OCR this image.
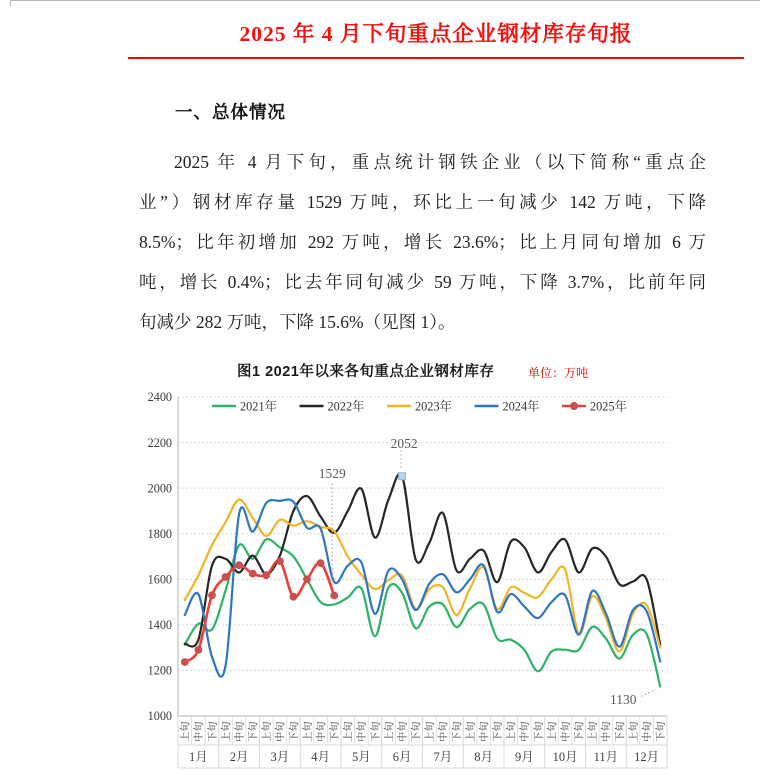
2025 年 4 月下旬重点企业钢材库存旬报
一、总体情况
2025 年 4 月下旬，重点统计钢铁企业（以下简称“重点企
业”）钢材库存量 1529 万吨，环比上一旬减少 142 万吨，下降
8.5%；比年初增加 292 万吨，增长 23.6%；比上月同旬增加 6 万
吨，增长 0.4%；比去年同旬减少 59 万吨，下降 3.7%，比前年同
旬减少 282 万吨，下降 15.6%（见图 1）。
图1 2021年以来各旬重点企业钢材库存	单位：万吨
1000
1200
1400
1600
1800
2000
2200
2400
上旬 中旬 下旬 上旬 中旬 下旬 上旬 中旬 下旬 上旬 中旬 下旬 上旬 中旬 下旬 上旬 中旬 下旬 上旬 中旬 下旬 上旬 中旬 下旬 上旬 中旬 下旬 上旬 中旬 下旬 上旬 中旬 下旬 上旬 中旬 下旬
1月 2月 3月 4月 5月 6月 7月 8月 9月 10月 11月 12月
2021年	2022年	2023年	2024年	2025年
1529
2052
1130
